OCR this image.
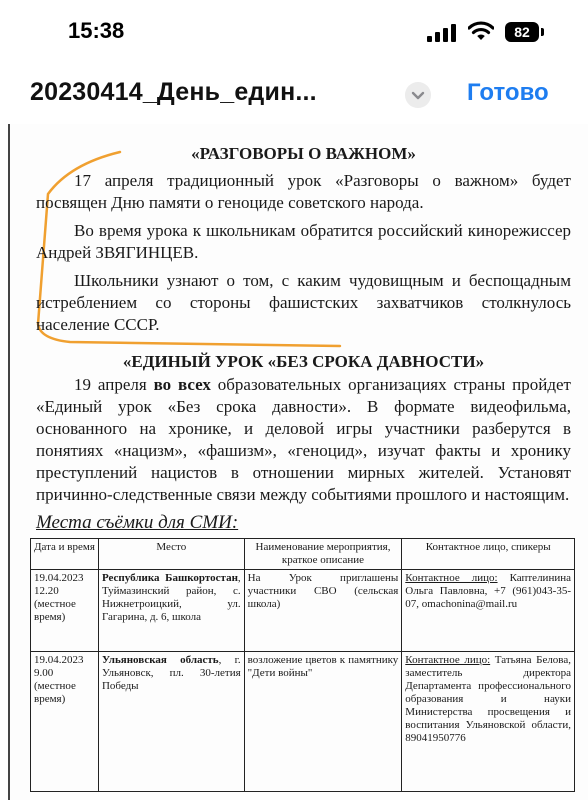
15:38	82
20230414_День_един...	Готово

«РАЗГОВОРЫ О ВАЖНОМ»

17 апреля традиционный урок «Разговоры о важном» будет посвящен Дню памяти о геноциде советского народа.

Во время урока к школьникам обратится российский кинорежиссер Андрей ЗВЯГИНЦЕВ.

Школьники узнают о том, с каким чудовищным и беспощадным истреблением со стороны фашистских захватчиков столкнулось население СССР.

«ЕДИНЫЙ УРОК «БЕЗ СРОКА ДАВНОСТИ»

19 апреля во всех образовательных организациях страны пройдет «Единый урок «Без срока давности». В формате видеофильма, основанного на хронике, и деловой игры участники разберутся в понятиях «нацизм», «фашизм», «геноцид», изучат факты и хронику преступлений нацистов в отношении мирных жителей. Установят причинно-следственные связи между событиями прошлого и настоящим.

Места съёмки для СМИ:

Дата и время	Место	Наименование мероприятия, краткое описание	Контактное лицо, спикеры
19.04.2023 12.20 (местное время)	Республика Башкортостан, Туймазинский район, с. Нижнетроицкий, ул. Гагарина, д. 6, школа	На Урок приглашены участники СВО (сельская школа)	Контактное лицо: Каптелинина Ольга Павловна, +7 (961)043-35-07, omachonina@mail.ru
19.04.2023 9.00 (местное время)	Ульяновская область, г. Ульяновск, пл. 30-летия Победы	возложение цветов к памятнику "Дети войны"	Контактное лицо: Татьяна Белова, заместитель директора Департамента профессионального образования и науки Министерства просвещения и воспитания Ульяновской области, 89041950776
